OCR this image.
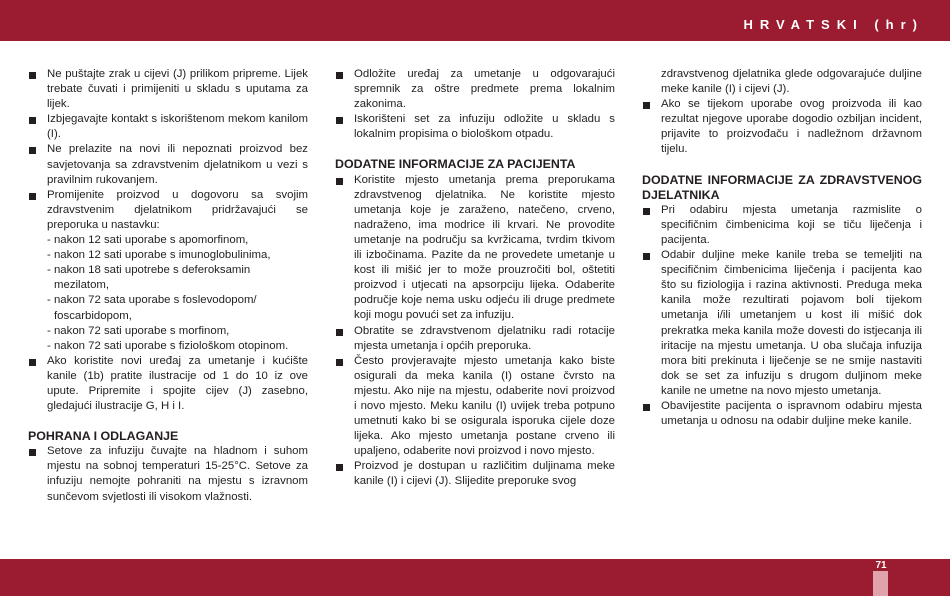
HRVATSKI (hr)
Ne puštajte zrak u cijevi (J) prilikom pripreme. Lijek trebate čuvati i primijeniti u skladu s uputama za lijek.
Izbjegavajte kontakt s iskorištenom mekom kanilom (I).
Ne prelazite na novi ili nepoznati proizvod bez savjetovanja sa zdravstvenim djelatnikom u vezi s pravilnim rukovanjem.
Promijenite proizvod u dogovoru sa svojim zdravstvenim djelatnikom pridržavajući se preporuka u nastavku:
- nakon 12 sati uporabe s apomorfinom,
- nakon 12 sati uporabe s imunoglobulinima,
- nakon 18 sati upotrebe s deferoksamin
mezilatom,
- nakon 72 sata uporabe s foslevodopom/
foscarbidopom,
- nakon 72 sati uporabe s morfinom,
- nakon 72 sati uporabe s fiziološkom otopinom.
Ako koristite novi uređaj za umetanje i kućište kanile (1b) pratite ilustracije od 1 do 10 iz ove upute. Pripremite i spojite cijev (J) zasebno, gledajući ilustracije G, H i I.
POHRANA I ODLAGANJE
Setove za infuziju čuvajte na hladnom i suhom mjestu na sobnoj temperaturi 15-25°C. Setove za infuziju nemojte pohraniti na mjestu s izravnom sunčevom svjetlosti ili visokom vlažnosti.
Odložite uređaj za umetanje u odgovarajući spremnik za oštre predmete prema lokalnim zakonima.
Iskorišteni set za infuziju odložite u skladu s lokalnim propisima o biološkom otpadu.
DODATNE INFORMACIJE ZA PACIJENTA
Koristite mjesto umetanja prema preporukama zdravstvenog djelatnika. Ne koristite mjesto umetanja koje je zaraženo, natečeno, crveno, nadraženo, ima modrice ili krvari. Ne provodite umetanje na području sa kvržicama, tvrdim tkivom ili izbočinama. Pazite da ne provedete umetanje u kost ili mišić jer to može prouzročiti bol, oštetiti proizvod i utjecati na apsorpciju lijeka. Odaberite područje koje nema usku odjeću ili druge predmete koji mogu povući set za infuziju.
Obratite se zdravstvenom djelatniku radi rotacije mjesta umetanja i općih preporuka.
Često provjeravajte mjesto umetanja kako biste osigurali da meka kanila (I) ostane čvrsto na mjestu. Ako nije na mjestu, odaberite novi proizvod i novo mjesto. Meku kanilu (I) uvijek treba potpuno umetnuti kako bi se osigurala isporuka cijele doze lijeka. Ako mjesto umetanja postane crveno ili upaljeno, odaberite novi proizvod i novo mjesto.
Proizvod je dostupan u različitim duljinama meke kanile (I) i cijevi (J). Slijedite preporuke svog
zdravstvenog djelatnika glede odgovarajuće duljine meke kanile (I) i cijevi (J).
Ako se tijekom uporabe ovog proizvoda ili kao rezultat njegove uporabe dogodio ozbiljan incident, prijavite to proizvođaču i nadležnom državnom tijelu.
DODATNE INFORMACIJE ZA ZDRAVSTVENOG DJELATNIKA
Pri odabiru mjesta umetanja razmislite o specifičnim čimbenicima koji se tiču liječenja i pacijenta.
Odabir duljine meke kanile treba se temeljiti na specifičnim čimbenicima liječenja i pacijenta kao što su fiziologija i razina aktivnosti. Preduga meka kanila može rezultirati pojavom boli tijekom umetanja i/ili umetanjem u kost ili mišić dok prekratka meka kanila može dovesti do istjecanja ili iritacije na mjestu umetanja. U oba slučaja infuzija mora biti prekinuta i liječenje se ne smije nastaviti dok se set za infuziju s drugom duljinom meke kanile ne umetne na novo mjesto umetanja.
Obavijestite pacijenta o ispravnom odabiru mjesta umetanja u odnosu na odabir duljine meke kanile.
71
